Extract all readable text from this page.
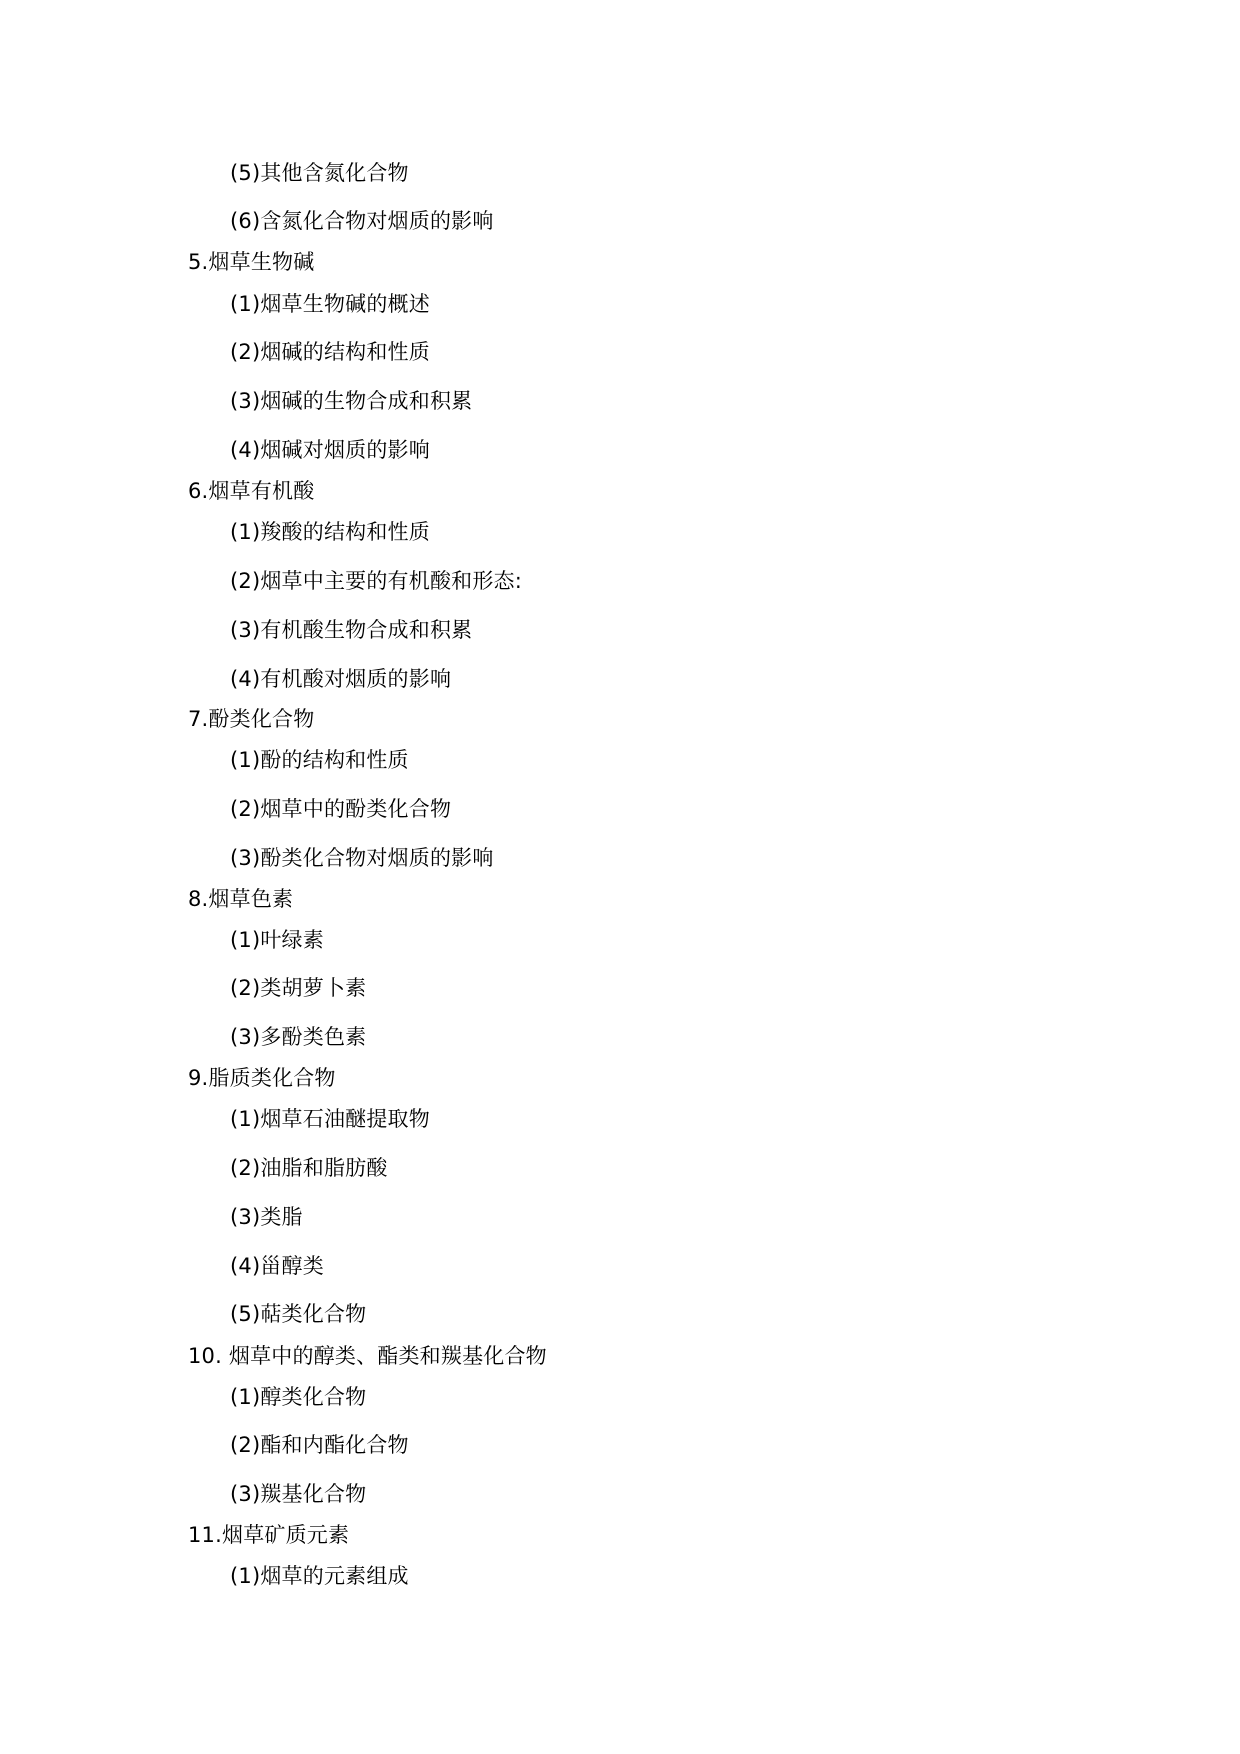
(5)其他含氮化合物
(6)含氮化合物对烟质的影响
5.烟草生物碱
(1)烟草生物碱的概述
(2)烟碱的结构和性质
(3)烟碱的生物合成和积累
(4)烟碱对烟质的影响
6.烟草有机酸
(1)羧酸的结构和性质
(2)烟草中主要的有机酸和形态:
(3)有机酸生物合成和积累
(4)有机酸对烟质的影响
7.酚类化合物
(1)酚的结构和性质
(2)烟草中的酚类化合物
(3)酚类化合物对烟质的影响
8.烟草色素
(1)叶绿素
(2)类胡萝卜素
(3)多酚类色素
9.脂质类化合物
(1)烟草石油醚提取物
(2)油脂和脂肪酸
(3)类脂
(4)甾醇类
(5)萜类化合物
10. 烟草中的醇类、酯类和羰基化合物
(1)醇类化合物
(2)酯和内酯化合物
(3)羰基化合物
11.烟草矿质元素
(1)烟草的元素组成
